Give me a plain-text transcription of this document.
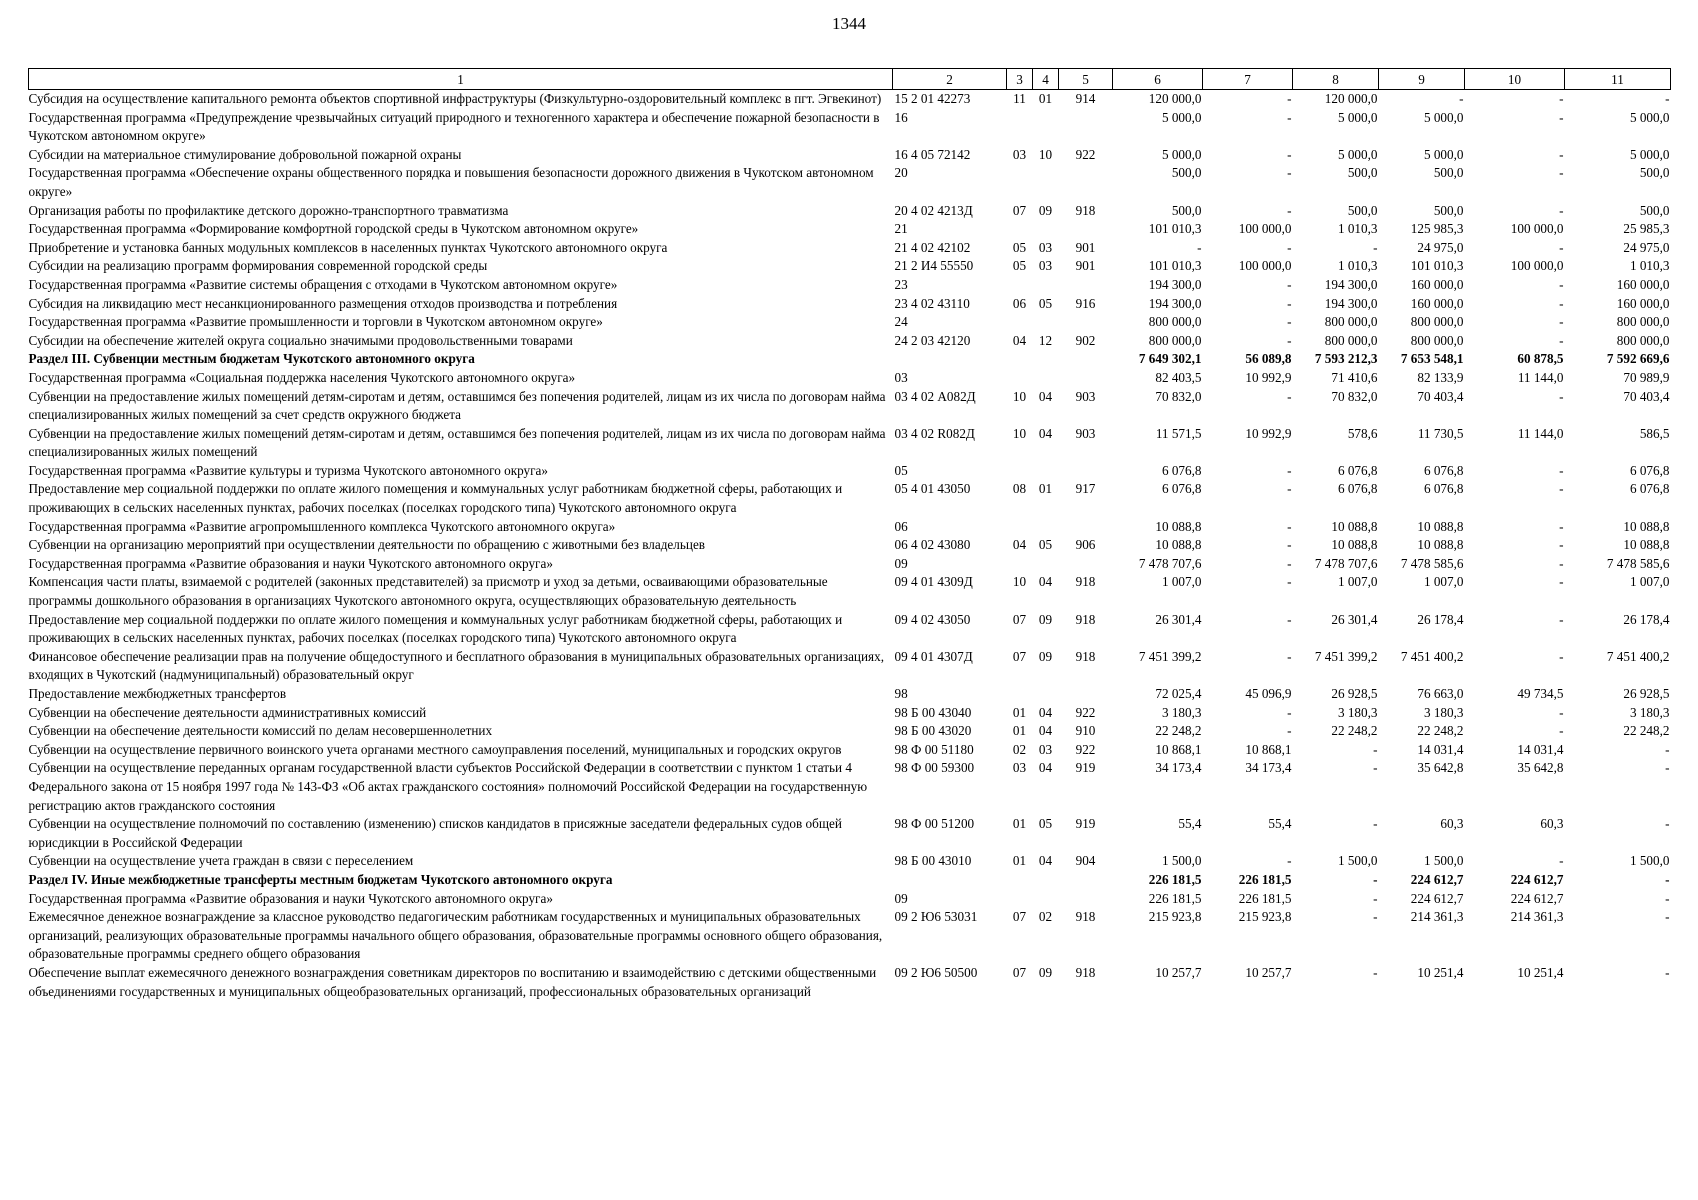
1344
1	2	3	4	5	6	7	8	9	10	11
Субсидия на осуществление капитального ремонта объектов спортивной инфраструктуры (Физкультурно-оздоровительный комплекс в пгт. Эгвекинот)	15 2 01 42273	11	01	914	120 000,0	-	120 000,0	-	-	-
Государственная программа «Предупреждение чрезвычайных ситуаций природного и техногенного характера и обеспечение пожарной безопасности в Чукотском автономном округе»	16				5 000,0	-	5 000,0	5 000,0	-	5 000,0
Субсидии на материальное стимулирование добровольной пожарной охраны	16 4 05 72142	03	10	922	5 000,0	-	5 000,0	5 000,0	-	5 000,0
Государственная программа «Обеспечение охраны общественного порядка и повышения безопасности дорожного движения в Чукотском автономном округе»	20				500,0	-	500,0	500,0	-	500,0
Организация работы по профилактике детского дорожно-транспортного травматизма	20 4 02 4213Д	07	09	918	500,0	-	500,0	500,0	-	500,0
Государственная программа «Формирование комфортной городской среды в Чукотском автономном округе»	21				101 010,3	100 000,0	1 010,3	125 985,3	100 000,0	25 985,3
Приобретение и установка банных модульных комплексов в населенных пунктах Чукотского автономного округа	21 4 02 42102	05	03	901	-	-	-	24 975,0	-	24 975,0
Субсидии на реализацию программ формирования современной городской среды	21 2 И4 55550	05	03	901	101 010,3	100 000,0	1 010,3	101 010,3	100 000,0	1 010,3
Государственная программа «Развитие системы обращения с отходами в Чукотском автономном округе»	23				194 300,0	-	194 300,0	160 000,0	-	160 000,0
Субсидия на ликвидацию мест несанкционированного размещения отходов производства и потребления	23 4 02 43110	06	05	916	194 300,0	-	194 300,0	160 000,0	-	160 000,0
Государственная программа «Развитие промышленности и торговли в Чукотском автономном округе»	24				800 000,0	-	800 000,0	800 000,0	-	800 000,0
Субсидии на обеспечение жителей округа социально значимыми продовольственными товарами	24 2 03 42120	04	12	902	800 000,0	-	800 000,0	800 000,0	-	800 000,0
Раздел III. Субвенции местным бюджетам Чукотского автономного округа					7 649 302,1	56 089,8	7 593 212,3	7 653 548,1	60 878,5	7 592 669,6
Государственная программа «Социальная поддержка населения Чукотского автономного округа»	03				82 403,5	10 992,9	71 410,6	82 133,9	11 144,0	70 989,9
Субвенции на предоставление жилых помещений детям-сиротам и детям, оставшимся без попечения родителей, лицам из их числа по договорам найма специализированных жилых помещений за счет средств окружного бюджета	03 4 02 А082Д	10	04	903	70 832,0	-	70 832,0	70 403,4	-	70 403,4
Субвенции на предоставление жилых помещений детям-сиротам и детям, оставшимся без попечения родителей, лицам из их числа по договорам найма специализированных жилых помещений	03 4 02 R082Д	10	04	903	11 571,5	10 992,9	578,6	11 730,5	11 144,0	586,5
Государственная программа «Развитие культуры и туризма Чукотского автономного округа»	05				6 076,8	-	6 076,8	6 076,8	-	6 076,8
Предоставление мер социальной поддержки по оплате жилого помещения и коммунальных услуг работникам бюджетной сферы, работающих и проживающих в сельских населенных пунктах, рабочих поселках (поселках городского типа) Чукотского автономного округа	05 4 01 43050	08	01	917	6 076,8	-	6 076,8	6 076,8	-	6 076,8
Государственная программа «Развитие агропромышленного комплекса Чукотского автономного округа»	06				10 088,8	-	10 088,8	10 088,8	-	10 088,8
Субвенции на организацию мероприятий при осуществлении деятельности по обращению с животными без владельцев	06 4 02 43080	04	05	906	10 088,8	-	10 088,8	10 088,8	-	10 088,8
Государственная программа «Развитие образования и науки Чукотского автономного округа»	09				7 478 707,6	-	7 478 707,6	7 478 585,6	-	7 478 585,6
Компенсация части платы, взимаемой с родителей (законных представителей) за присмотр и уход за детьми, осваивающими образовательные программы дошкольного образования в организациях Чукотского автономного округа, осуществляющих образовательную деятельность	09 4 01 4309Д	10	04	918	1 007,0	-	1 007,0	1 007,0	-	1 007,0
Предоставление мер социальной поддержки по оплате жилого помещения и коммунальных услуг работникам бюджетной сферы, работающих и проживающих в сельских населенных пунктах, рабочих поселках (поселках городского типа) Чукотского автономного округа	09 4 02 43050	07	09	918	26 301,4	-	26 301,4	26 178,4	-	26 178,4
Финансовое обеспечение реализации прав на получение общедоступного и бесплатного образования в муниципальных образовательных организациях, входящих в Чукотский (надмуниципальный) образовательный округ	09 4 01 4307Д	07	09	918	7 451 399,2	-	7 451 399,2	7 451 400,2	-	7 451 400,2
Предоставление межбюджетных трансфертов	98				72 025,4	45 096,9	26 928,5	76 663,0	49 734,5	26 928,5
Субвенции на обеспечение деятельности административных комиссий	98 Б 00 43040	01	04	922	3 180,3	-	3 180,3	3 180,3	-	3 180,3
Субвенции на обеспечение деятельности комиссий по делам несовершеннолетних	98 Б 00 43020	01	04	910	22 248,2	-	22 248,2	22 248,2	-	22 248,2
Субвенции на осуществление первичного воинского учета органами местного самоуправления поселений, муниципальных и городских округов	98 Ф 00 51180	02	03	922	10 868,1	10 868,1	-	14 031,4	14 031,4	-
Субвенции на осуществление переданных органам государственной власти субъектов Российской Федерации в соответствии с пунктом 1 статьи 4 Федерального закона от 15 ноября 1997 года № 143-ФЗ «Об актах гражданского состояния» полномочий Российской Федерации на государственную регистрацию актов гражданского состояния	98 Ф 00 59300	03	04	919	34 173,4	34 173,4	-	35 642,8	35 642,8	-
Субвенции на осуществление полномочий по составлению (изменению) списков кандидатов в присяжные заседатели федеральных судов общей юрисдикции в Российской Федерации	98 Ф 00 51200	01	05	919	55,4	55,4	-	60,3	60,3	-
Субвенции на осуществление учета граждан в связи с переселением	98 Б 00 43010	01	04	904	1 500,0	-	1 500,0	1 500,0	-	1 500,0
Раздел IV. Иные межбюджетные трансферты местным бюджетам Чукотского автономного округа					226 181,5	226 181,5	-	224 612,7	224 612,7	-
Государственная программа «Развитие образования и науки Чукотского автономного округа»	09				226 181,5	226 181,5	-	224 612,7	224 612,7	-
Ежемесячное денежное вознаграждение за классное руководство педагогическим работникам государственных и муниципальных образовательных организаций, реализующих образовательные программы начального общего образования, образовательные программы основного общего образования, образовательные программы среднего общего образования	09 2 Ю6 53031	07	02	918	215 923,8	215 923,8	-	214 361,3	214 361,3	-
Обеспечение выплат ежемесячного денежного вознаграждения советникам директоров по воспитанию и взаимодействию с детскими общественными объединениями государственных и муниципальных общеобразовательных организаций, профессиональных образовательных организаций	09 2 Ю6 50500	07	09	918	10 257,7	10 257,7	-	10 251,4	10 251,4	-
